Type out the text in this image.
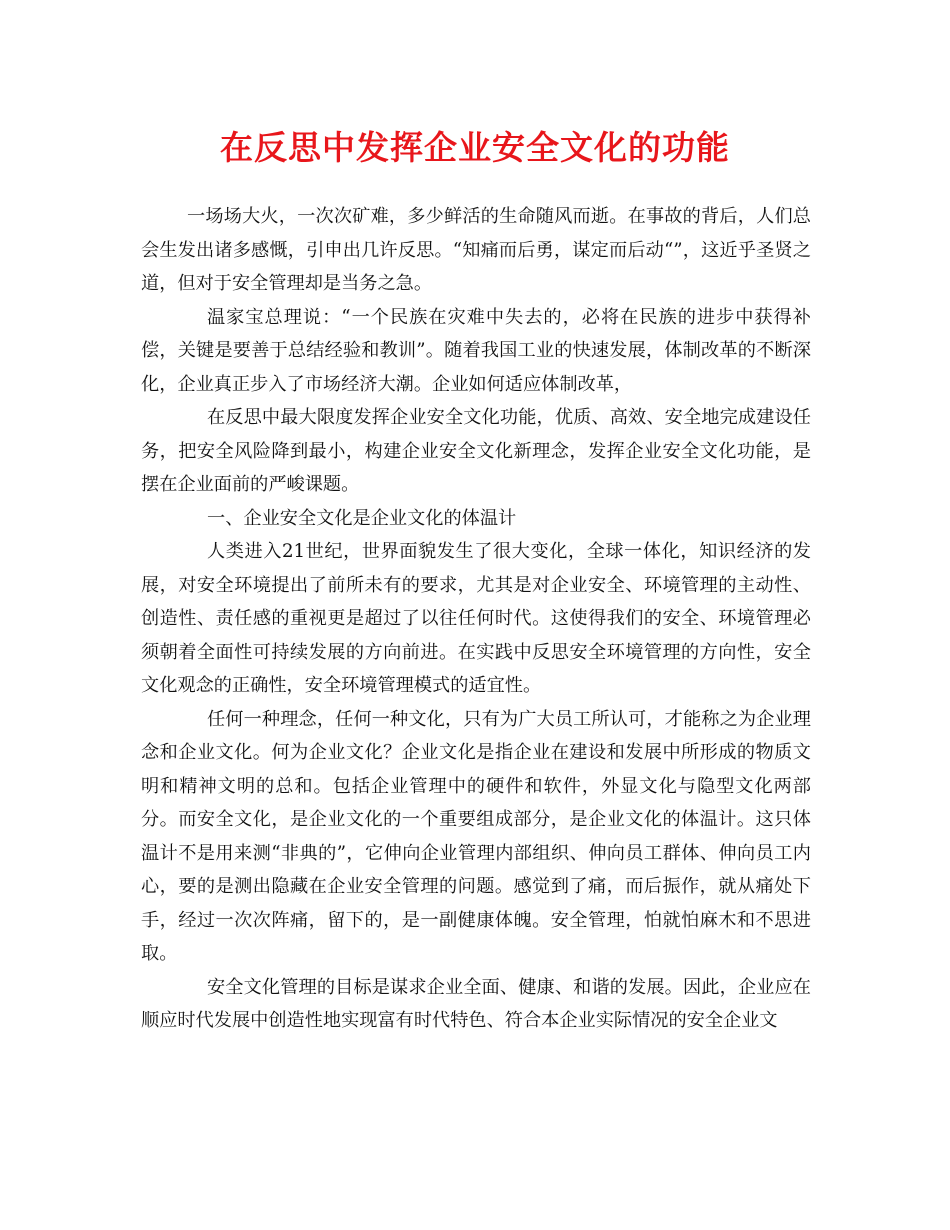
在反思中发挥企业安全文化的功能

一场场大火，一次次矿难，多少鲜活的生命随风而逝。在事故的背后，人们总会生发出诸多感慨，引申出几许反思。“知痛而后勇，谋定而后动“”，这近乎圣贤之道，但对于安全管理却是当务之急。

温家宝总理说：“一个民族在灾难中失去的，必将在民族的进步中获得补偿，关键是要善于总结经验和教训”。随着我国工业的快速发展，体制改革的不断深化，企业真正步入了市场经济大潮。企业如何适应体制改革，

在反思中最大限度发挥企业安全文化功能，优质、高效、安全地完成建设任务，把安全风险降到最小，构建企业安全文化新理念，发挥企业安全文化功能，是摆在企业面前的严峻课题。

一、企业安全文化是企业文化的体温计

人类进入21世纪，世界面貌发生了很大变化，全球一体化，知识经济的发展，对安全环境提出了前所未有的要求，尤其是对企业安全、环境管理的主动性、创造性、责任感的重视更是超过了以往任何时代。这使得我们的安全、环境管理必须朝着全面性可持续发展的方向前进。在实践中反思安全环境管理的方向性，安全文化观念的正确性，安全环境管理模式的适宜性。

任何一种理念，任何一种文化，只有为广大员工所认可，才能称之为企业理念和企业文化。何为企业文化？企业文化是指企业在建设和发展中所形成的物质文明和精神文明的总和。包括企业管理中的硬件和软件，外显文化与隐型文化两部分。而安全文化，是企业文化的一个重要组成部分，是企业文化的体温计。这只体温计不是用来测“非典的”，它伸向企业管理内部组织、伸向员工群体、伸向员工内心，要的是测出隐藏在企业安全管理的问题。感觉到了痛，而后振作，就从痛处下手，经过一次次阵痛，留下的，是一副健康体魄。安全管理，怕就怕麻木和不思进取。

安全文化管理的目标是谋求企业全面、健康、和谐的发展。因此，企业应在顺应时代发展中创造性地实现富有时代特色、符合本企业实际情况的安全企业文
